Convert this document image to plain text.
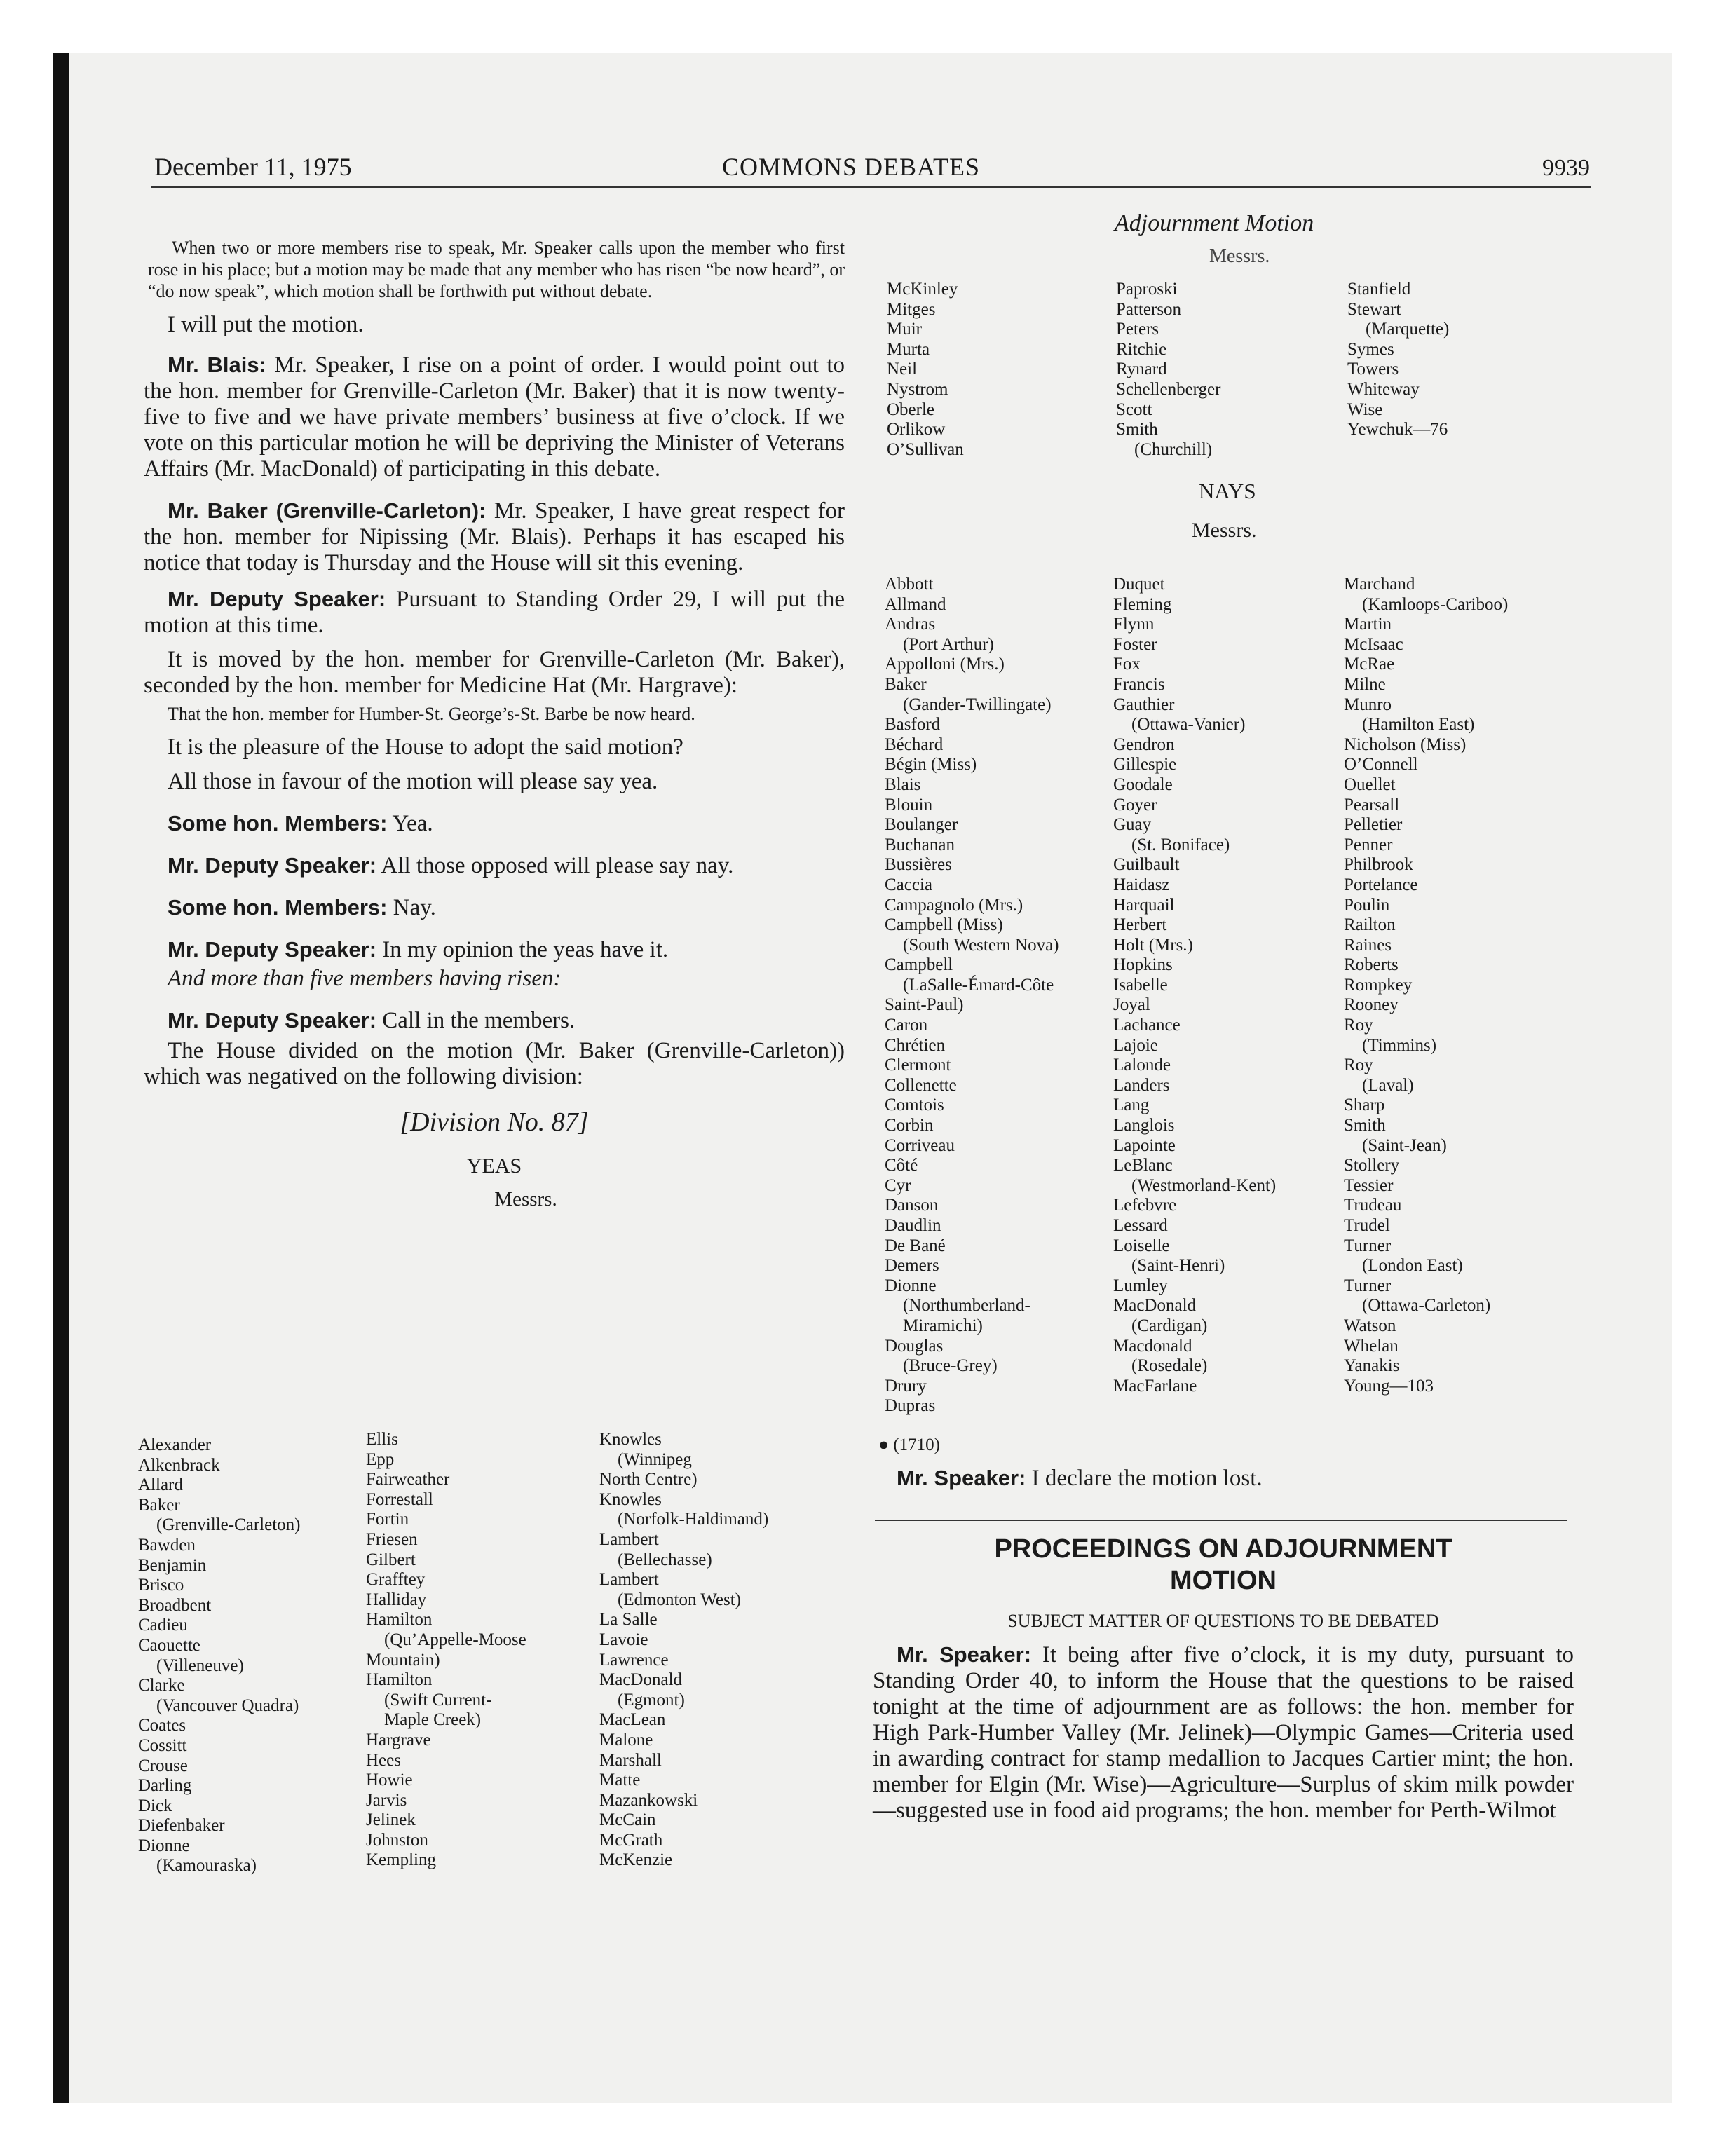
December 11, 1975	COMMONS DEBATES	9939
When two or more members rise to speak, Mr. Speaker calls upon the member who first rose in his place; but a motion may be made that any member who has risen “be now heard”, or “do now speak”, which motion shall be forthwith put without debate.
I will put the motion.
Mr. Blais: Mr. Speaker, I rise on a point of order. I would point out to the hon. member for Grenville-Carleton (Mr. Baker) that it is now twenty-five to five and we have private members’ business at five o’clock. If we vote on this particular motion he will be depriving the Minister of Veterans Affairs (Mr. MacDonald) of participating in this debate.
Mr. Baker (Grenville-Carleton): Mr. Speaker, I have great respect for the hon. member for Nipissing (Mr. Blais). Perhaps it has escaped his notice that today is Thursday and the House will sit this evening.
Mr. Deputy Speaker: Pursuant to Standing Order 29, I will put the motion at this time.
It is moved by the hon. member for Grenville-Carleton (Mr. Baker), seconded by the hon. member for Medicine Hat (Mr. Hargrave):
That the hon. member for Humber-St. George’s-St. Barbe be now heard.
It is the pleasure of the House to adopt the said motion?
All those in favour of the motion will please say yea.
Some hon. Members: Yea.
Mr. Deputy Speaker: All those opposed will please say nay.
Some hon. Members: Nay.
Mr. Deputy Speaker: In my opinion the yeas have it.
And more than five members having risen:
Mr. Deputy Speaker: Call in the members.
The House divided on the motion (Mr. Baker (Grenville-Carleton)) which was negatived on the following division:
[Division No. 87]
YEAS
Messrs.
Alexander
Alkenbrack
Allard
Baker
(Grenville-Carleton)
Bawden
Benjamin
Brisco
Broadbent
Cadieu
Caouette
(Villeneuve)
Clarke
(Vancouver Quadra)
Coates
Cossitt
Crouse
Darling
Dick
Diefenbaker
Dionne
(Kamouraska)
Ellis
Epp
Fairweather
Forrestall
Fortin
Friesen
Gilbert
Grafftey
Halliday
Hamilton
(Qu’Appelle-Moose
Mountain)
Hamilton
(Swift Current-
Maple Creek)
Hargrave
Hees
Howie
Jarvis
Jelinek
Johnston
Kempling
Knowles
(Winnipeg
North Centre)
Knowles
(Norfolk-Haldimand)
Lambert
(Bellechasse)
Lambert
(Edmonton West)
La Salle
Lavoie
Lawrence
MacDonald
(Egmont)
MacLean
Malone
Marshall
Matte
Mazankowski
McCain
McGrath
McKenzie
Adjournment Motion
Messrs.
McKinley
Mitges
Muir
Murta
Neil
Nystrom
Oberle
Orlikow
O’Sullivan
Paproski
Patterson
Peters
Ritchie
Rynard
Schellenberger
Scott
Smith
(Churchill)
Stanfield
Stewart
(Marquette)
Symes
Towers
Whiteway
Wise
Yewchuk—76
NAYS
Messrs.
Abbott
Allmand
Andras
(Port Arthur)
Appolloni (Mrs.)
Baker
(Gander-Twillingate)
Basford
Béchard
Bégin (Miss)
Blais
Blouin
Boulanger
Buchanan
Bussières
Caccia
Campagnolo (Mrs.)
Campbell (Miss)
(South Western Nova)
Campbell
(LaSalle-Émard-Côte
Saint-Paul)
Caron
Chrétien
Clermont
Collenette
Comtois
Corbin
Corriveau
Côté
Cyr
Danson
Daudlin
De Bané
Demers
Dionne
(Northumberland-
Miramichi)
Douglas
(Bruce-Grey)
Drury
Dupras
Duquet
Fleming
Flynn
Foster
Fox
Francis
Gauthier
(Ottawa-Vanier)
Gendron
Gillespie
Goodale
Goyer
Guay
(St. Boniface)
Guilbault
Haidasz
Harquail
Herbert
Holt (Mrs.)
Hopkins
Isabelle
Joyal
Lachance
Lajoie
Lalonde
Landers
Lang
Langlois
Lapointe
LeBlanc
(Westmorland-Kent)
Lefebvre
Lessard
Loiselle
(Saint-Henri)
Lumley
MacDonald
(Cardigan)
Macdonald
(Rosedale)
MacFarlane
Marchand
(Kamloops-Cariboo)
Martin
McIsaac
McRae
Milne
Munro
(Hamilton East)
Nicholson (Miss)
O’Connell
Ouellet
Pearsall
Pelletier
Penner
Philbrook
Portelance
Poulin
Railton
Raines
Roberts
Rompkey
Rooney
Roy
(Timmins)
Roy
(Laval)
Sharp
Smith
(Saint-Jean)
Stollery
Tessier
Trudeau
Trudel
Turner
(London East)
Turner
(Ottawa-Carleton)
Watson
Whelan
Yanakis
Young—103
● (1710)
Mr. Speaker: I declare the motion lost.
PROCEEDINGS ON ADJOURNMENT MOTION
SUBJECT MATTER OF QUESTIONS TO BE DEBATED
Mr. Speaker: It being after five o’clock, it is my duty, pursuant to Standing Order 40, to inform the House that the questions to be raised tonight at the time of adjournment are as follows: the hon. member for High Park-Humber Valley (Mr. Jelinek)—Olympic Games—Criteria used in awarding contract for stamp medallion to Jacques Cartier mint; the hon. member for Elgin (Mr. Wise)—Agriculture—Surplus of skim milk powder—suggested use in food aid programs; the hon. member for Perth-Wilmot
